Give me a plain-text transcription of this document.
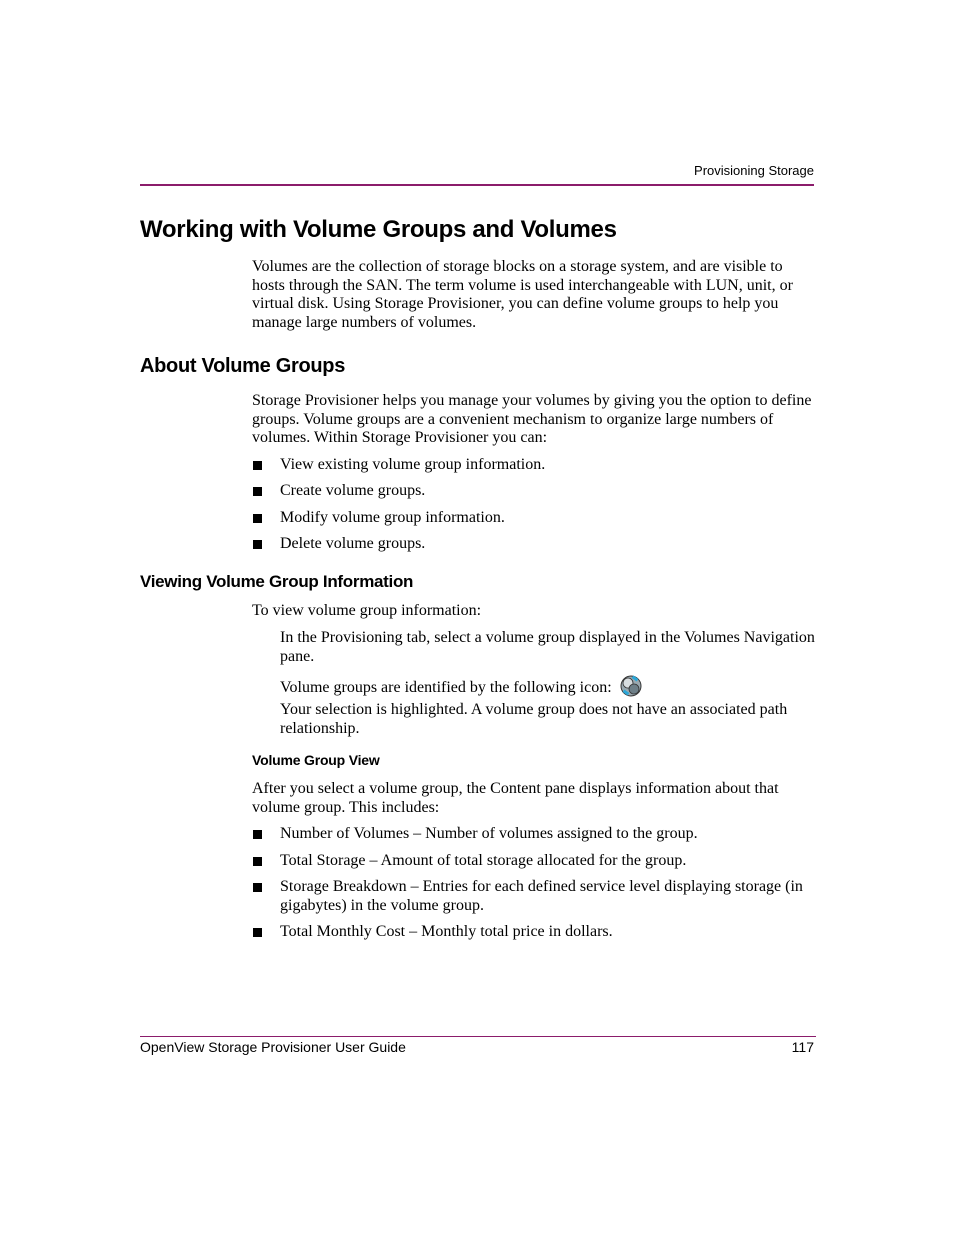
Provisioning Storage
Working with Volume Groups and Volumes

Volumes are the collection of storage blocks on a storage system, and are visible to hosts through the SAN. The term volume is used interchangeable with LUN, unit, or virtual disk. Using Storage Provisioner, you can define volume groups to help you manage large numbers of volumes.

About Volume Groups

Storage Provisioner helps you manage your volumes by giving you the option to define groups. Volume groups are a convenient mechanism to organize large numbers of volumes. Within Storage Provisioner you can:

View existing volume group information.
Create volume groups.
Modify volume group information.
Delete volume groups.
Viewing Volume Group Information

To view volume group information:

In the Provisioning tab, select a volume group displayed in the Volumes Navigation pane.

Volume groups are identified by the following icon:

Your selection is highlighted. A volume group does not have an associated path relationship.

Volume Group View

After you select a volume group, the Content pane displays information about that volume group. This includes:

Number of Volumes – Number of volumes assigned to the group.
Total Storage – Amount of total storage allocated for the group.
Storage Breakdown – Entries for each defined service level displaying storage (in gigabytes) in the volume group.
Total Monthly Cost – Monthly total price in dollars.
OpenView Storage Provisioner User Guide	117
